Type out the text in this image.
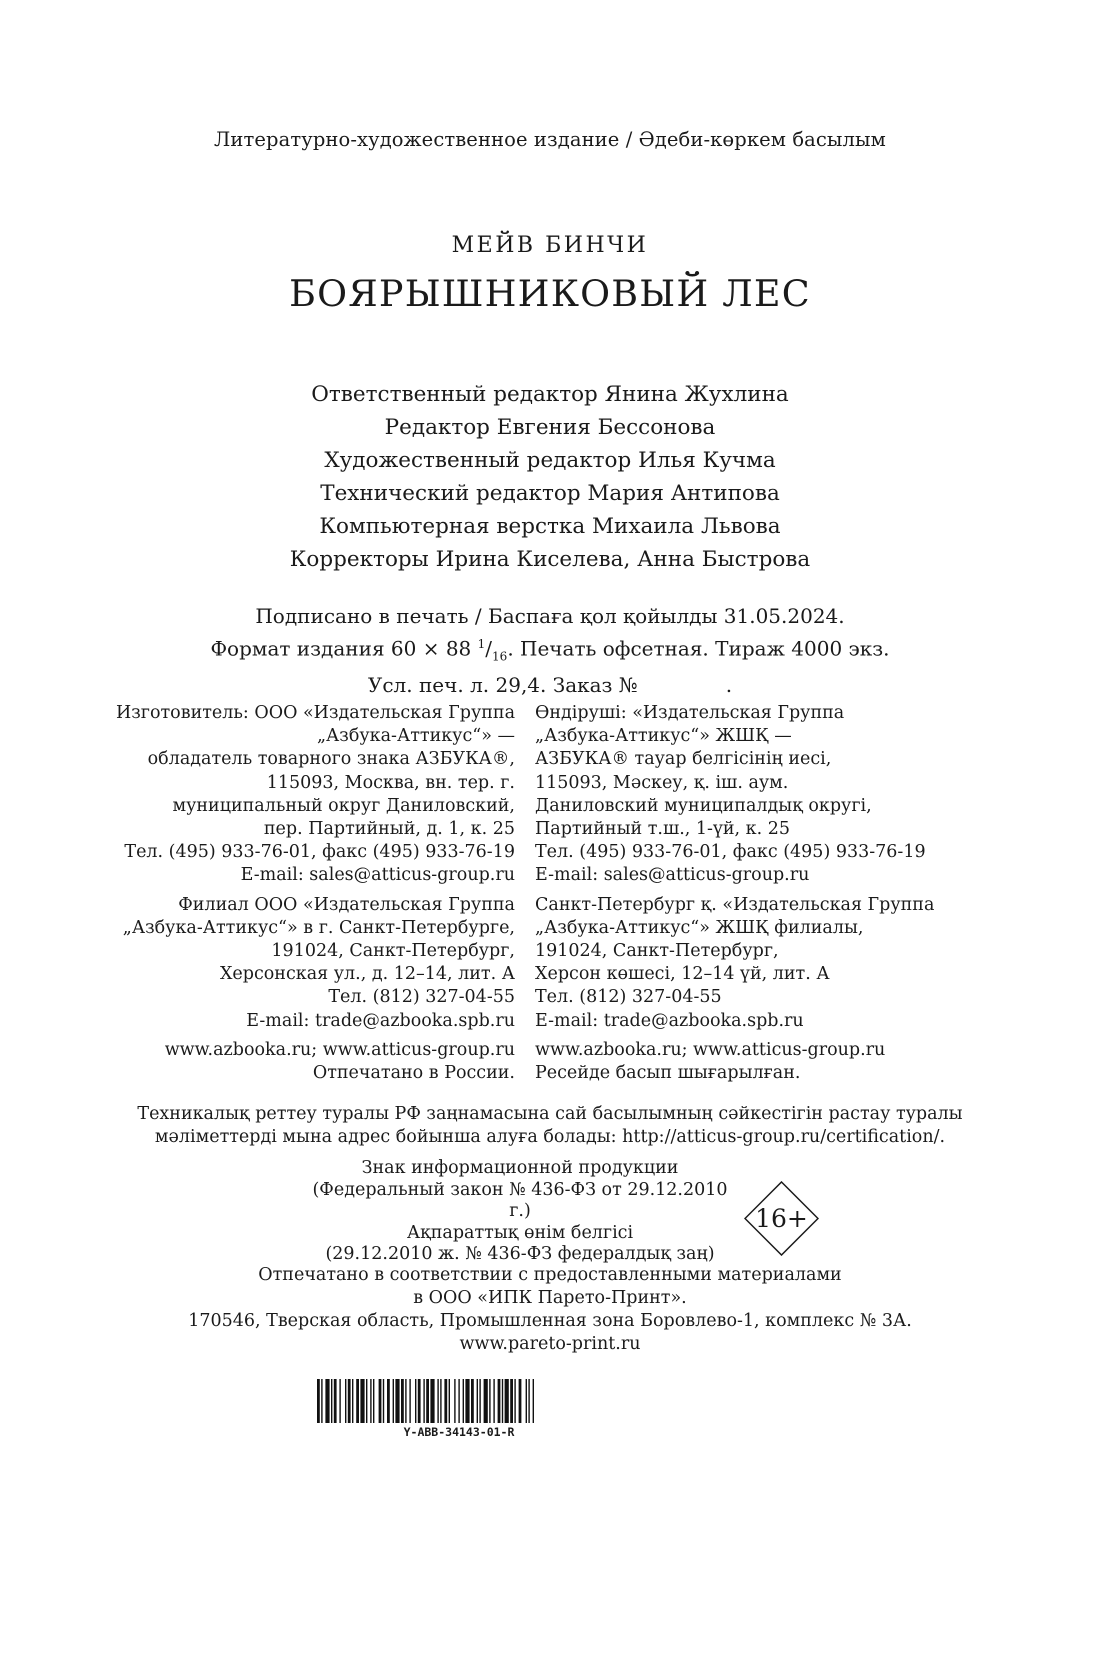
Литературно-художественное издание / Әдеби-көркем басылым
МЕЙВ БИНЧИ
БОЯРЫШНИКОВЫЙ ЛЕС
Ответственный редактор Янина Жухлина
Редактор Евгения Бессонова
Художественный редактор Илья Кучма
Технический редактор Мария Антипова
Компьютерная верстка Михаила Львова
Корректоры Ирина Киселева, Анна Быстрова
Подписано в печать / Баспаға қол қойылды 31.05.2024.
Формат издания 60 × 88 $^1/_{16}$. Печать офсетная. Тираж 4000 экз.
Усл. печ. л. 29,4. Заказ №	.
Изготовитель: ООО «Издательская Группа
„Азбука-Аттикус“» —
обладатель товарного знака АЗБУКА®,
115093, Москва, вн. тер. г.
муниципальный округ Даниловский,
пер. Партийный, д. 1, к. 25
Тел. (495) 933-76-01, факс (495) 933-76-19
E-mail: sales@atticus-group.ru
Филиал ООО «Издательская Группа
„Азбука-Аттикус“» в г. Санкт-Петербурге,
191024, Санкт-Петербург,
Херсонская ул., д. 12–14, лит. А
Тел. (812) 327-04-55
E-mail: trade@azbooka.spb.ru
www.azbooka.ru; www.atticus-group.ru
Отпечатано в России.
Өндіруші: «Издательская Группа
„Азбука-Аттикус“» ЖШҚ —
АЗБУКА® тауар белгісінің иесі,
115093, Мәскеу, қ. іш. аум.
Даниловский муниципалдық округі,
Партийный т.ш., 1-үй, к. 25
Тел. (495) 933-76-01, факс (495) 933-76-19
E-mail: sales@atticus-group.ru
Санкт-Петербург қ. «Издательская Группа
„Азбука-Аттикус“» ЖШҚ филиалы,
191024, Санкт-Петербург,
Херсон көшесі, 12–14 үй, лит. А
Тел. (812) 327-04-55
E-mail: trade@azbooka.spb.ru
www.azbooka.ru; www.atticus-group.ru
Ресейде басып шығарылған.
Техникалық реттеу туралы РФ заңнамасына сай басылымның сәйкестігін растау туралы
мәліметтерді мына адрес бойынша алуға болады: http://atticus-group.ru/certification/.
Знак информационной продукции
(Федеральный закон № 436-ФЗ от 29.12.2010 г.)
Ақпараттық өнім белгісі
(29.12.2010 ж. № 436-ФЗ федералдық заң)
16+
Отпечатано в соответствии с предоставленными материалами
в ООО «ИПК Парето-Принт».
170546, Тверская область, Промышленная зона Боровлево-1, комплекс № 3А.
www.pareto-print.ru
Y-ABB-34143-01-R
